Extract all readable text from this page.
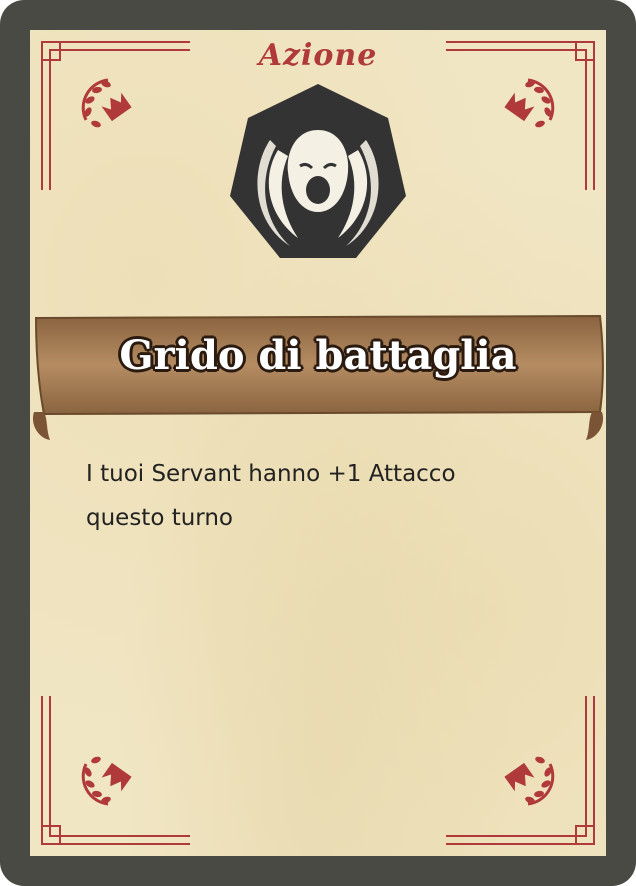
Azione
Grido di battaglia
I tuoi Servant hanno +1 Attacco
questo turno
